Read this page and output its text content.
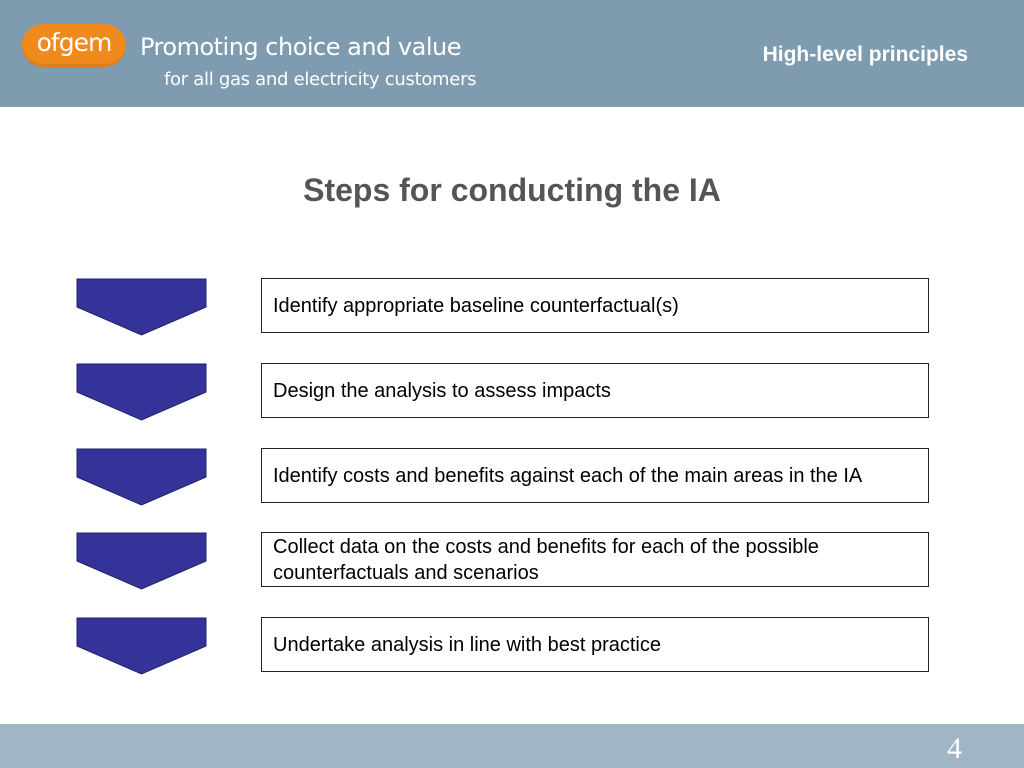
ofgem	Promoting choice and value
for all gas and electricity customers
High-level principles
Steps for conducting the IA
Identify appropriate baseline counterfactual(s)
Design the analysis to assess impacts
Identify costs and benefits against each of the main areas in the IA
Collect data on the costs and benefits for each of the possible counterfactuals and scenarios
Undertake analysis in line with best practice
4
